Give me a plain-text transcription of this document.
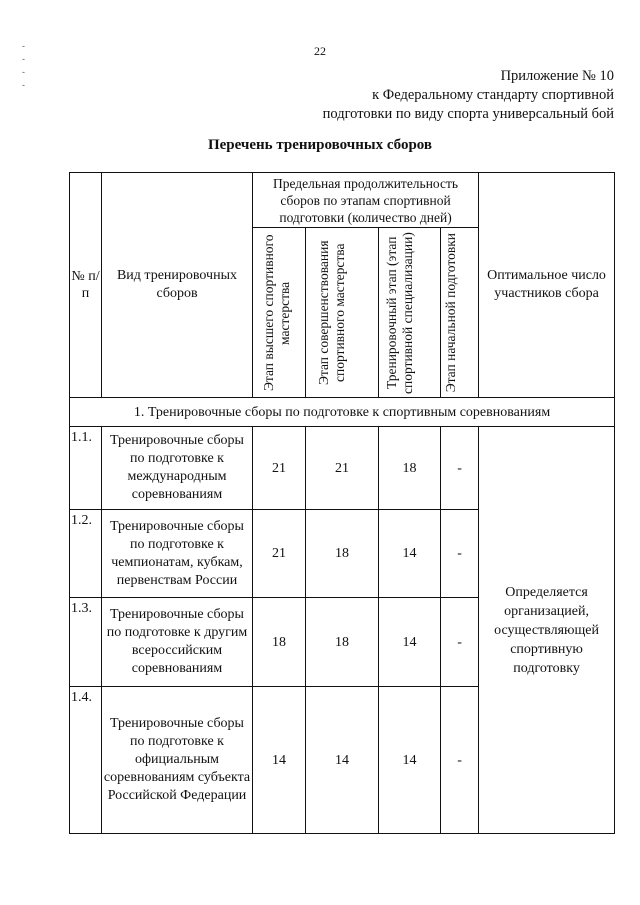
-
-
-
-
22
Приложение № 10
к Федеральному стандарту спортивной
подготовки по виду спорта универсальный бой
Перечень тренировочных сборов
№ п/п	Вид тренировочных сборов	Предельная продолжительность сборов по этапам спортивной подготовки (количество дней)				Оптимальное число участников сбора

		Этап высшего спортивного мастерства	Этап совершенствования спортивного мастерства	Тренировочный этап (этап спортивной специализации)	Этап начальной подготовки	

1. Тренировочные сборы по подготовке к спортивным соревнованиям						

1.1.	Тренировочные сборы по подготовке к международным соревнованиям	21	21	18	-	Определяется организацией, осуществляющей спортивную подготовку

1.2.	Тренировочные сборы по подготовке к чемпионатам, кубкам, первенствам России	21	18	14	-	

1.3.	Тренировочные сборы по подготовке к другим всероссийским соревнованиям	18	18	14	-	

1.4.	Тренировочные сборы по подготовке к официальным соревнованиям субъекта Российской Федерации	14	14	14	-	
